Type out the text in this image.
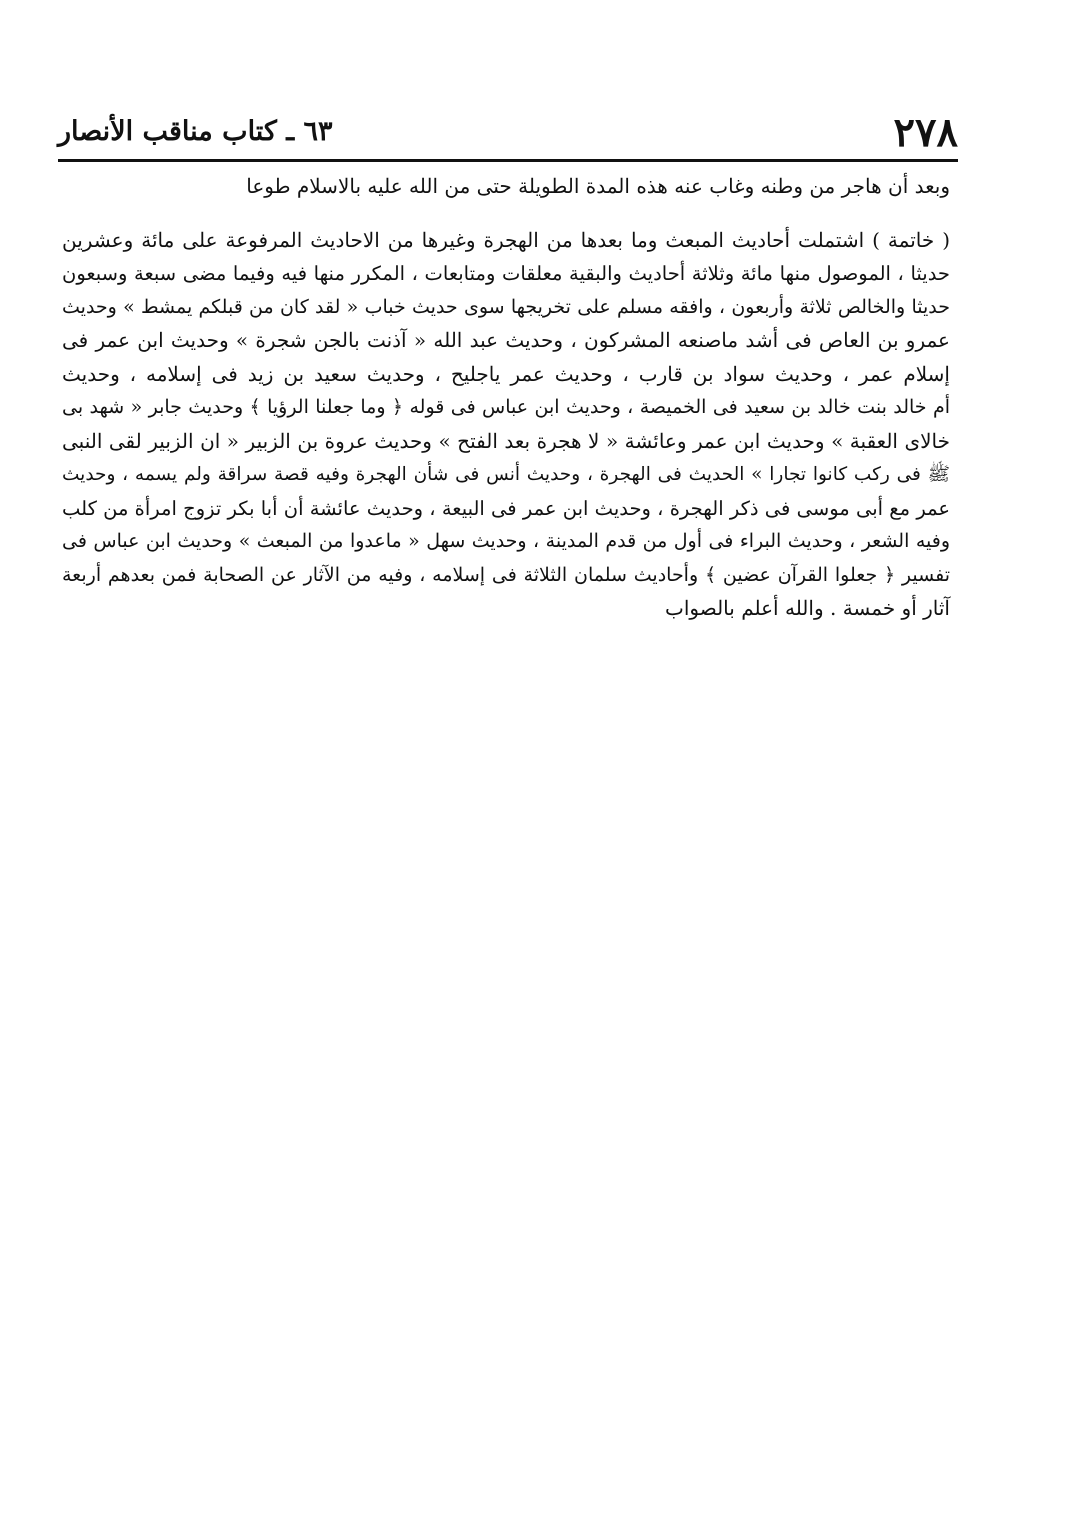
٢٧٨
٦٣ ـ كتاب مناقب الأنصار
وبعد أن هاجر من وطنه وغاب عنه هذه المدة الطويلة حتى من الله عليه بالاسلام طوعا
( خاتمة ) اشتملت أحاديث المبعث وما بعدها من الهجرة وغيرها من الاحاديث المرفوعة على مائة وعشرين
حديثا ، الموصول منها مائة وثلاثة أحاديث والبقية معلقات ومتابعات ، المكرر منها فيه وفيما مضى سبعة وسبعون
حديثا والخالص ثلاثة وأربعون ، وافقه مسلم على تخريجها سوى حديث خباب « لقد كان من قبلكم يمشط » وحديث
عمرو بن العاص فى أشد ماصنعه المشركون ، وحديث عبد الله « آذنت بالجن شجرة » وحديث ابن عمر فى
إسلام عمر ، وحديث سواد بن قارب ، وحديث عمر ياجليح ، وحديث سعيد بن زيد فى إسلامه ، وحديث
أم خالد بنت خالد بن سعيد فى الخميصة ، وحديث ابن عباس فى قوله ﴿ وما جعلنا الرؤيا ﴾ وحديث جابر « شهد بى
خالاى العقبة » وحديث ابن عمر وعائشة « لا هجرة بعد الفتح » وحديث عروة بن الزبير « ان الزبير لقى النبى
ﷺ فى ركب كانوا تجارا » الحديث فى الهجرة ، وحديث أنس فى شأن الهجرة وفيه قصة سراقة ولم يسمه ، وحديث
عمر مع أبى موسى فى ذكر الهجرة ، وحديث ابن عمر فى البيعة ، وحديث عائشة أن أبا بكر تزوج امرأة من كلب
وفيه الشعر ، وحديث البراء فى أول من قدم المدينة ، وحديث سهل « ماعدوا من المبعث » وحديث ابن عباس فى
تفسير ﴿ جعلوا القرآن عضين ﴾ وأحاديث سلمان الثلاثة فى إسلامه ، وفيه من الآثار عن الصحابة فمن بعدهم أربعة
آثار أو خمسة . والله أعلم بالصواب
